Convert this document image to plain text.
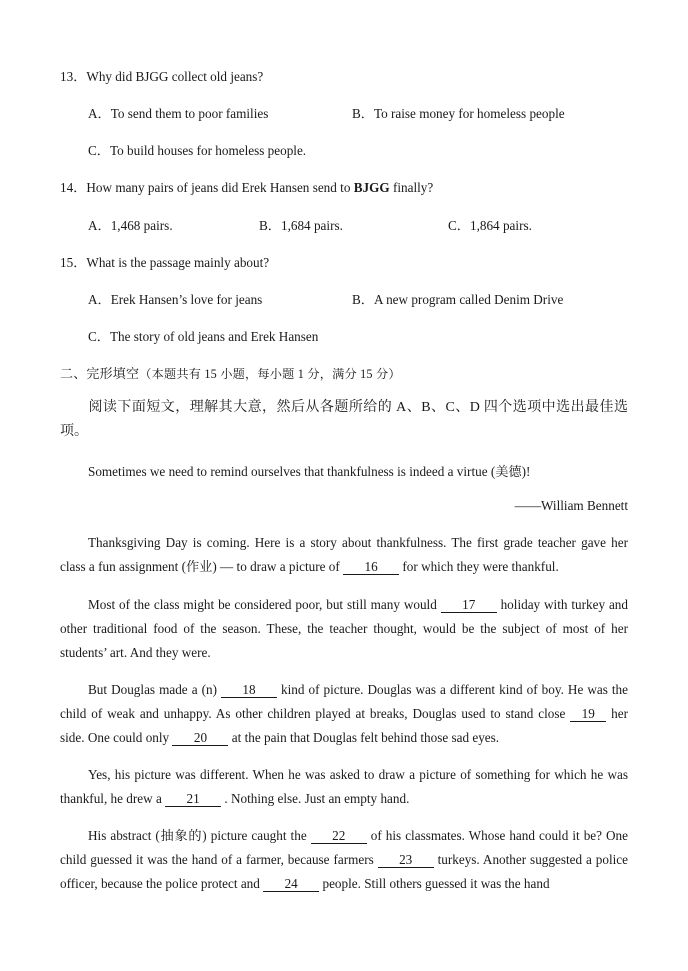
13．Why did BJGG collect old jeans?
A．To send them to poor families	B．To raise money for homeless people
C．To build houses for homeless people.
14．How many pairs of jeans did Erek Hansen send to BJGG finally?
A．1,468 pairs.	B．1,684 pairs.	C．1,864 pairs.
15．What is the passage mainly about?
A．Erek Hansen’s love for jeans	B．A new program called Denim Drive
C．The story of old jeans and Erek Hansen
二、完形填空（本题共有 15 小题，每小题 1 分，满分 15 分）
阅读下面短文，理解其大意，然后从各题所给的 A、B、C、D 四个选项中选出最佳选项。
Sometimes we need to remind ourselves that thankfulness is indeed a virtue (美德)!
——William Bennett
Thanksgiving Day is coming. Here is a story about thankfulness. The first grade teacher gave her class a fun assignment (作业) — to draw a picture of 16 for which they were thankful.
Most of the class might be considered poor, but still many would 17 holiday with turkey and other traditional food of the season. These, the teacher thought, would be the subject of most of her students’ art. And they were.
But Douglas made a (n) 18 kind of picture. Douglas was a different kind of boy. He was the child of weak and unhappy. As other children played at breaks, Douglas used to stand close 19 her side. One could only 20 at the pain that Douglas felt behind those sad eyes.
Yes, his picture was different. When he was asked to draw a picture of something for which he was thankful, he drew a 21 . Nothing else. Just an empty hand.
His abstract (抽象的) picture caught the 22 of his classmates. Whose hand could it be? One child guessed it was the hand of a farmer, because farmers 23 turkeys. Another suggested a police officer, because the police protect and 24 people. Still others guessed it was the hand
